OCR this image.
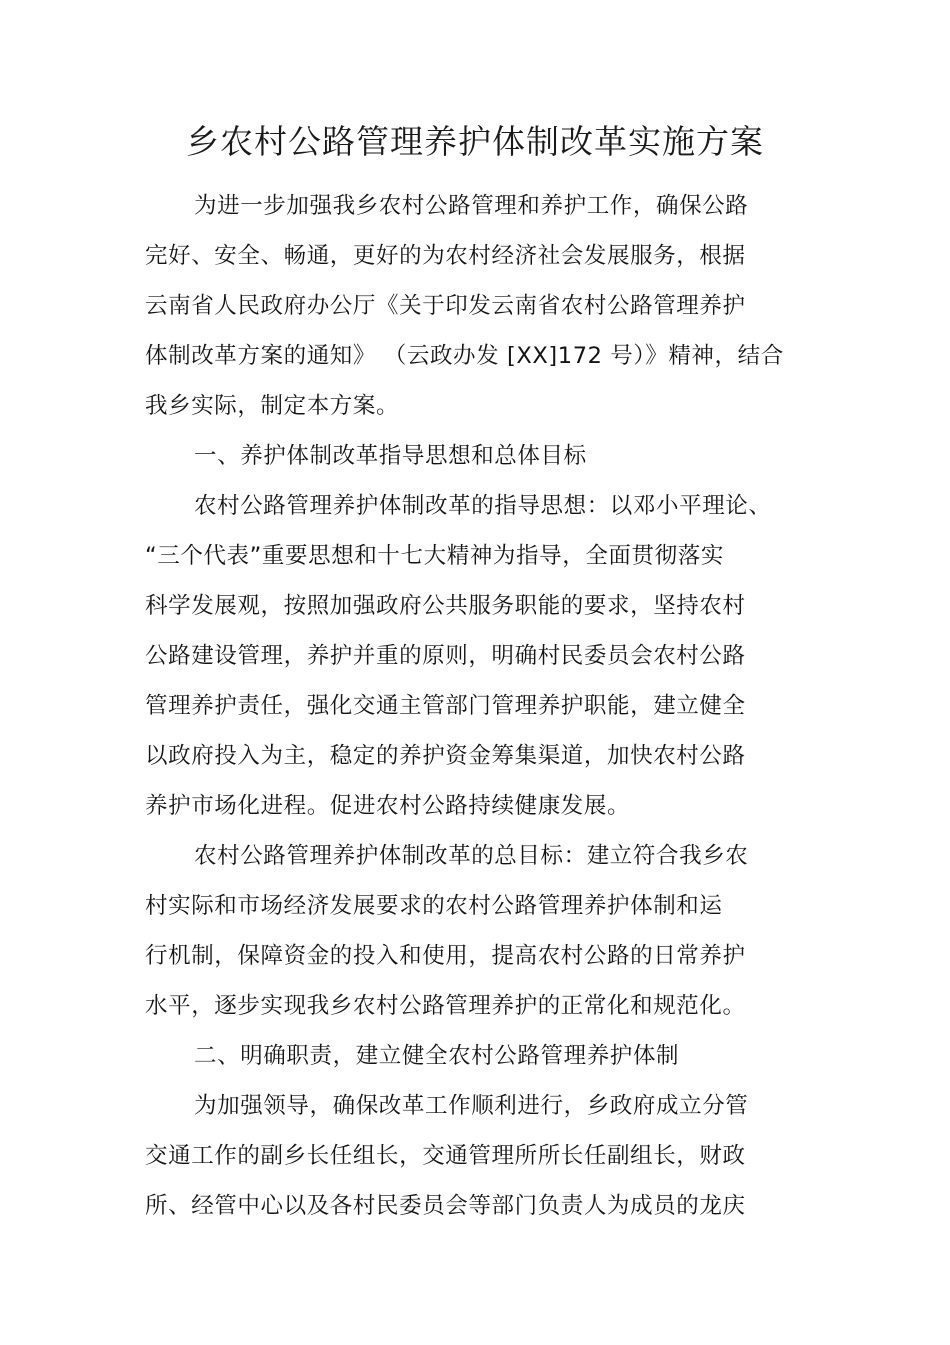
乡农村公路管理养护体制改革实施方案
为进一步加强我乡农村公路管理和养护工作，确保公路
完好、安全、畅通，更好的为农村经济社会发展服务，根据
云南省人民政府办公厅《关于印发云南省农村公路管理养护
体制改革方案的通知》 （云政办发 [XX]172 号）》精神，结合
我乡实际，制定本方案。
一、养护体制改革指导思想和总体目标
农村公路管理养护体制改革的指导思想：以邓小平理论、
“三个代表”重要思想和十七大精神为指导，全面贯彻落实
科学发展观，按照加强政府公共服务职能的要求，坚持农村
公路建设管理，养护并重的原则，明确村民委员会农村公路
管理养护责任，强化交通主管部门管理养护职能，建立健全
以政府投入为主，稳定的养护资金筹集渠道，加快农村公路
养护市场化进程。促进农村公路持续健康发展。
农村公路管理养护体制改革的总目标：建立符合我乡农
村实际和市场经济发展要求的农村公路管理养护体制和运
行机制，保障资金的投入和使用，提高农村公路的日常养护
水平，逐步实现我乡农村公路管理养护的正常化和规范化。
二、明确职责，建立健全农村公路管理养护体制
为加强领导，确保改革工作顺利进行，乡政府成立分管
交通工作的副乡长任组长，交通管理所所长任副组长，财政
所、经管中心以及各村民委员会等部门负责人为成员的龙庆
